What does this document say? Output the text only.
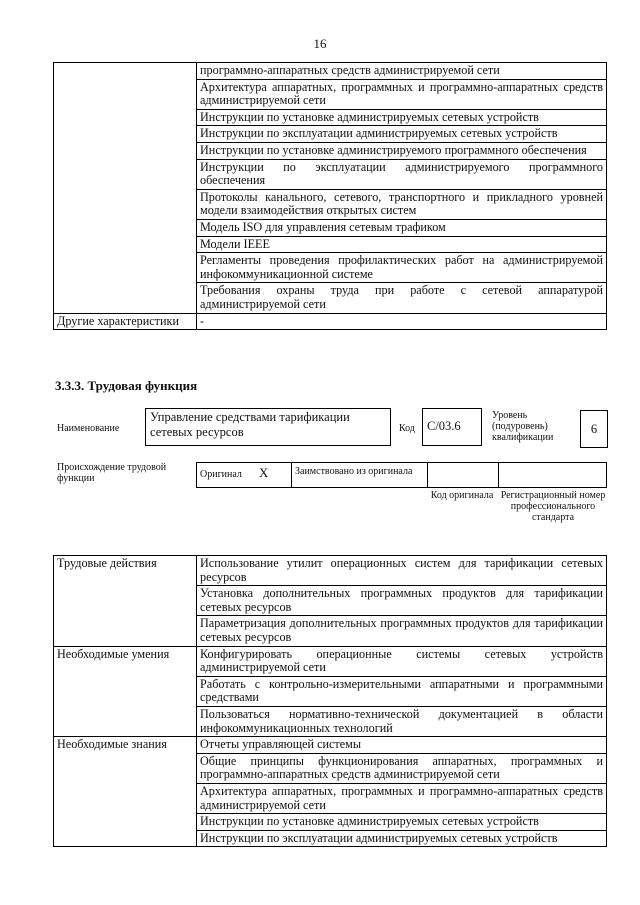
16
	программно-аппаратных средств администрируемой сети
	Архитектура аппаратных, программных и программно-аппаратных средств администрируемой сети
	Инструкции по установке администрируемых сетевых устройств
	Инструкции по эксплуатации администрируемых сетевых устройств
	Инструкции по установке администрируемого программного обеспечения
	Инструкции по эксплуатации администрируемого программного обеспечения
	Протоколы канального, сетевого, транспортного и прикладного уровней модели взаимодействия открытых систем
	Модель ISO для управления сетевым трафиком
	Модели IEEE
	Регламенты проведения профилактических работ на администрируемой инфокоммуникационной системе
	Требования охраны труда при работе с сетевой аппаратурой администрируемой сети
Другие характеристики	-
3.3.3. Трудовая функция
Наименование
Управление средствами тарификации сетевых ресурсов	Код C/03.6
Уровень (подуровень) квалификации
6
Происхождение трудовой функции	Оригинал X	Заимствовано из оригинала		
Код оригинала Регистрационный номер профессионального стандарта
Трудовые действия	Использование утилит операционных систем для тарификации сетевых ресурсов
	Установка дополнительных программных продуктов для тарификации сетевых ресурсов
	Параметризация дополнительных программных продуктов для тарификации сетевых ресурсов
Необходимые умения	Конфигурировать операционные системы сетевых устройств администрируемой сети
	Работать с контрольно-измерительными аппаратными и программными средствами
	Пользоваться нормативно-технической документацией в области инфокоммуникационных технологий
Необходимые знания	Отчеты управляющей системы
	Общие принципы функционирования аппаратных, программных и программно-аппаратных средств администрируемой сети
	Архитектура аппаратных, программных и программно-аппаратных средств администрируемой сети
	Инструкции по установке администрируемых сетевых устройств
	Инструкции по эксплуатации администрируемых сетевых устройств
